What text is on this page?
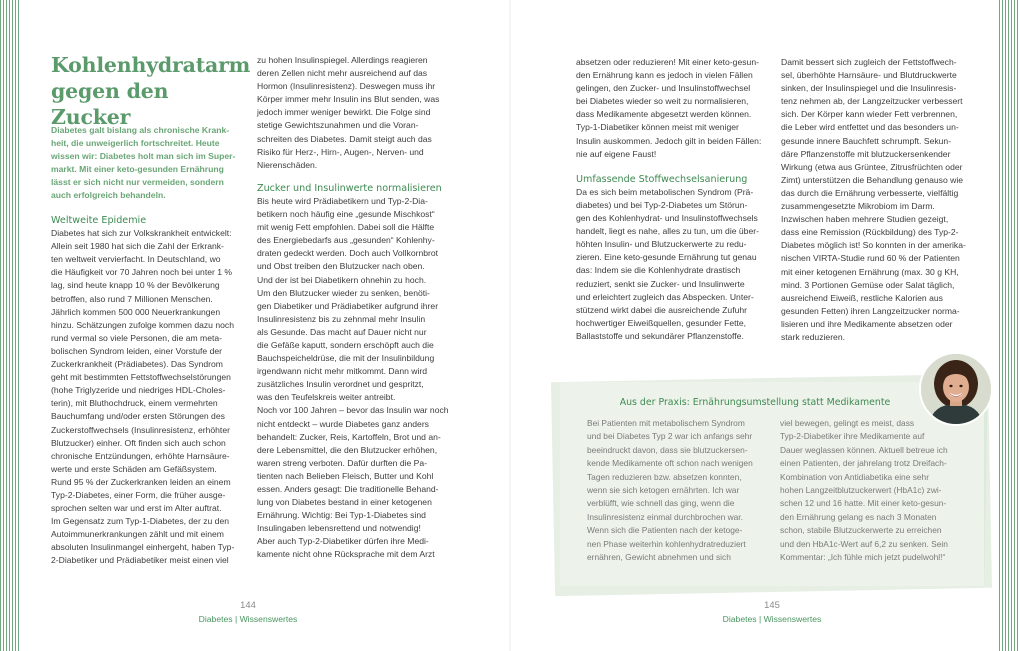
Kohlenhydratarm
gegen den Zucker

Diabetes galt bislang als chronische Krank-
heit, die unweigerlich fortschreitet. Heute
wissen wir: Diabetes holt man sich im Super-
markt. Mit einer keto-gesunden Ernährung
lässt er sich nicht nur vermeiden, sondern
auch erfolgreich behandeln.

Weltweite Epidemie

Diabetes hat sich zur Volkskrankheit entwickelt:
Allein seit 1980 hat sich die Zahl der Erkrank-
ten weltweit vervierfacht. In Deutschland, wo
die Häufigkeit vor 70 Jahren noch bei unter 1 %
lag, sind heute knapp 10 % der Bevölkerung
betroffen, also rund 7 Millionen Menschen.
Jährlich kommen 500 000 Neuerkrankungen
hinzu. Schätzungen zufolge kommen dazu noch
rund vermal so viele Personen, die am meta-
bolischen Syndrom leiden, einer Vorstufe der
Zuckerkrankheit (Prädiabetes). Das Syndrom
geht mit bestimmten Fettstoffwechselstörungen
(hohe Triglyzeride und niedriges HDL-Choles-
terin), mit Bluthochdruck, einem vermehrten
Bauchumfang und/oder ersten Störungen des
Zuckerstoffwechsels (Insulinresistenz, erhöhter
Blutzucker) einher. Oft finden sich auch schon
chronische Entzündungen, erhöhte Harnsäure-
werte und erste Schäden am Gefäßsystem.
Rund 95 % der Zuckerkranken leiden an einem
Typ-2-Diabetes, einer Form, die früher ausge-
sprochen selten war und erst im Alter auftrat.
Im Gegensatz zum Typ-1-Diabetes, der zu den
Autoimmunerkrankungen zählt und mit einem
absoluten Insulinmangel einhergeht, haben Typ-
2-Diabetiker und Prädiabetiker meist einen viel

zu hohen Insulinspiegel. Allerdings reagieren
deren Zellen nicht mehr ausreichend auf das
Hormon (Insulinresistenz). Deswegen muss ihr
Körper immer mehr Insulin ins Blut senden, was
jedoch immer weniger bewirkt. Die Folge sind
stetige Gewichtszunahmen und die Voran-
schreiten des Diabetes. Damit steigt auch das
Risiko für Herz-, Hirn-, Augen-, Nerven- und
Nierenschäden.

Zucker und Insulinwerte normalisieren

Bis heute wird Prädiabetikern und Typ-2-Dia-
betikern noch häufig eine „gesunde Mischkost“
mit wenig Fett empfohlen. Dabei soll die Hälfte
des Energiebedarfs aus „gesunden“ Kohlenhy-
draten gedeckt werden. Doch auch Vollkornbrot
und Obst treiben den Blutzucker nach oben.
Und der ist bei Diabetikern ohnehin zu hoch.
Um den Blutzucker wieder zu senken, benöti-
gen Diabetiker und Prädiabetiker aufgrund ihrer
Insulinresistenz bis zu zehnmal mehr Insulin
als Gesunde. Das macht auf Dauer nicht nur
die Gefäße kaputt, sondern erschöpft auch die
Bauchspeicheldrüse, die mit der Insulinbildung
irgendwann nicht mehr mitkommt. Dann wird
zusätzliches Insulin verordnet und gespritzt,
was den Teufelskreis weiter antreibt.
Noch vor 100 Jahren – bevor das Insulin war noch
nicht entdeckt – wurde Diabetes ganz anders
behandelt: Zucker, Reis, Kartoffeln, Brot und an-
dere Lebensmittel, die den Blutzucker erhöhen,
waren streng verboten. Dafür durften die Pa-
tienten nach Belieben Fleisch, Butter und Kohl
essen. Anders gesagt: Die traditionelle Behand-
lung von Diabetes bestand in einer ketogenen
Ernährung. Wichtig: Bei Typ-1-Diabetes sind
Insulingaben lebensrettend und notwendig!
Aber auch Typ-2-Diabetiker dürfen ihre Medi-
kamente nicht ohne Rücksprache mit dem Arzt

144

Diabetes | Wissenswertes

absetzen oder reduzieren! Mit einer keto-gesun-
den Ernährung kann es jedoch in vielen Fällen
gelingen, den Zucker- und Insulinstoffwechsel
bei Diabetes wieder so weit zu normalisieren,
dass Medikamente abgesetzt werden können.
Typ-1-Diabetiker können meist mit weniger
Insulin auskommen. Jedoch gilt in beiden Fällen:
nie auf eigene Faust!

Umfassende Stoffwechselsanierung

Da es sich beim metabolischen Syndrom (Prä-
diabetes) und bei Typ-2-Diabetes um Störun-
gen des Kohlenhydrat- und Insulinstoffwechsels
handelt, liegt es nahe, alles zu tun, um die über-
höhten Insulin- und Blutzuckerwerte zu redu-
zieren. Eine keto-gesunde Ernährung tut genau
das: Indem sie die Kohlenhydrate drastisch
reduziert, senkt sie Zucker- und Insulinwerte
und erleichtert zugleich das Abspecken. Unter-
stützend wirkt dabei die ausreichende Zufuhr
hochwertiger Eiweißquellen, gesunder Fette,
Ballaststoffe und sekundärer Pflanzenstoffe.

Damit bessert sich zugleich der Fettstoffwech-
sel, überhöhte Harnsäure- und Blutdruckwerte
sinken, der Insulinspiegel und die Insulinresis-
tenz nehmen ab, der Langzeitzucker verbessert
sich. Der Körper kann wieder Fett verbrennen,
die Leber wird entfettet und das besonders un-
gesunde innere Bauchfett schrumpft. Sekun-
däre Pflanzenstoffe mit blutzuckersenkender
Wirkung (etwa aus Grüntee, Zitrusfrüchten oder
Zimt) unterstützen die Behandlung genauso wie
das durch die Ernährung verbesserte, vielfältig
zusammengesetzte Mikrobiom im Darm.
Inzwischen haben mehrere Studien gezeigt,
dass eine Remission (Rückbildung) des Typ-2-
Diabetes möglich ist! So konnten in der amerika-
nischen VIRTA-Studie rund 60 % der Patienten
mit einer ketogenen Ernährung (max. 30 g KH,
mind. 3 Portionen Gemüse oder Salat täglich,
ausreichend Eiweiß, restliche Kalorien aus
gesunden Fetten) ihren Langzeitzucker norma-
lisieren und ihre Medikamente absetzen oder
stark reduzieren.

Aus der Praxis: Ernährungsumstellung statt Medikamente

Bei Patienten mit metabolischem Syndrom
und bei Diabetes Typ 2 war ich anfangs sehr
beeindruckt davon, dass sie blutzuckersen-
kende Medikamente oft schon nach wenigen
Tagen reduzieren bzw. absetzen konnten,
wenn sie sich ketogen ernährten. Ich war
verblüfft, wie schnell das ging, wenn die
Insulinresistenz einmal durchbrochen war.
Wenn sich die Patienten nach der ketoge-
nen Phase weiterhin kohlenhydratreduziert
ernähren, Gewicht abnehmen und sich

viel bewegen, gelingt es meist, dass
Typ-2-Diabetiker ihre Medikamente auf
Dauer weglassen können. Aktuell betreue ich
einen Patienten, der jahrelang trotz Dreifach-
Kombination von Antidiabetika eine sehr
hohen Langzeitblutzuckerwert (HbA1c) zwi-
schen 12 und 16 hatte. Mit einer keto-gesun-
den Ernährung gelang es nach 3 Monaten
schon, stabile Blutzuckerwerte zu erreichen
und den HbA1c-Wert auf 6,2 zu senken. Sein
Kommentar: „Ich fühle mich jetzt pudelwohl!“

145

Diabetes | Wissenswertes
